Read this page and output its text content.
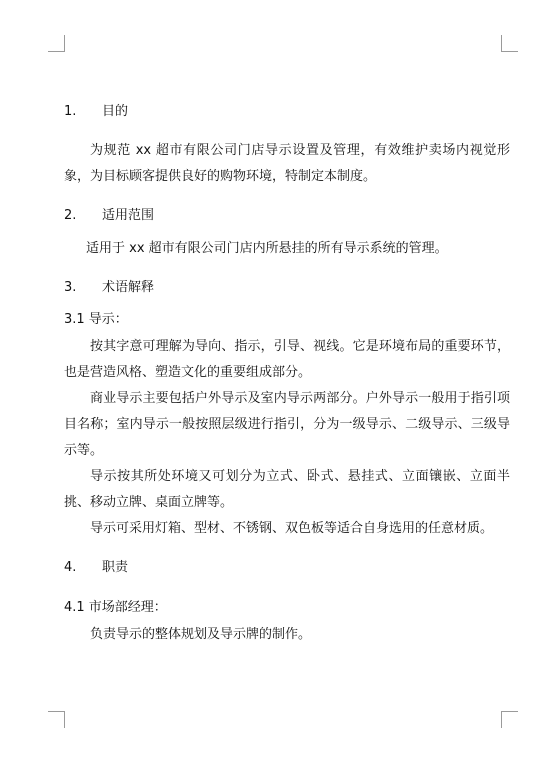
1. 目的

为规范 xx 超市有限公司门店导示设置及管理，有效维护卖场内视觉形象，为目标顾客提供良好的购物环境，特制定本制度。

2. 适用范围

适用于 xx 超市有限公司门店内所悬挂的所有导示系统的管理。

3. 术语解释
3.1 导示：

按其字意可理解为导向、指示，引导、视线。它是环境布局的重要环节，也是营造风格、塑造文化的重要组成部分。

商业导示主要包括户外导示及室内导示两部分。户外导示一般用于指引项目名称；室内导示一般按照层级进行指引，分为一级导示、二级导示、三级导示等。

导示按其所处环境又可划分为立式、卧式、悬挂式、立面镶嵌、立面半挑、移动立牌、桌面立牌等。

导示可采用灯箱、型材、不锈钢、双色板等适合自身选用的任意材质。

4. 职责
4.1 市场部经理：

负责导示的整体规划及导示牌的制作。
